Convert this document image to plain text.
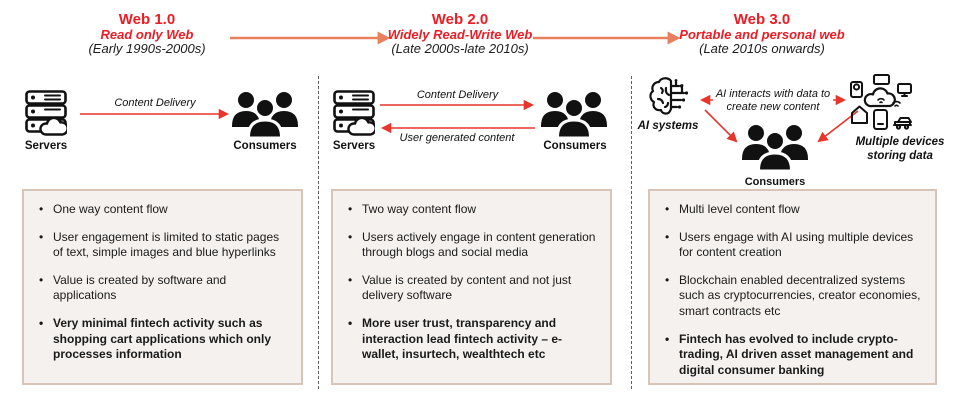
Web 1.0
Read only Web
(Early 1990s-2000s)
Web 2.0
Widely Read-Write Web
(Late 2000s-late 2010s)
Web 3.0
Portable and personal web
(Late 2010s onwards)
Servers
Content Delivery
Consumers	Servers
Content Delivery
User generated content
Consumers
AI systems
AI interacts with data to
create new content
Multiple devices storing data
Consumers
• One way content flow
• User engagement is limited to static pages of text, simple images and blue hyperlinks
• Value is created by software and applications
• Very minimal fintech activity such as shopping cart applications which only processes information
• Two way content flow
• Users actively engage in content generation through blogs and social media
• Value is created by content and not just delivery software
• More user trust, transparency and interaction lead fintech activity – e-wallet, insurtech, wealthtech etc
• Multi level content flow
• Users engage with AI using multiple devices for content creation
• Blockchain enabled decentralized systems such as cryptocurrencies, creator economies, smart contracts etc
• Fintech has evolved to include crypto-trading, AI driven asset management and digital consumer banking
